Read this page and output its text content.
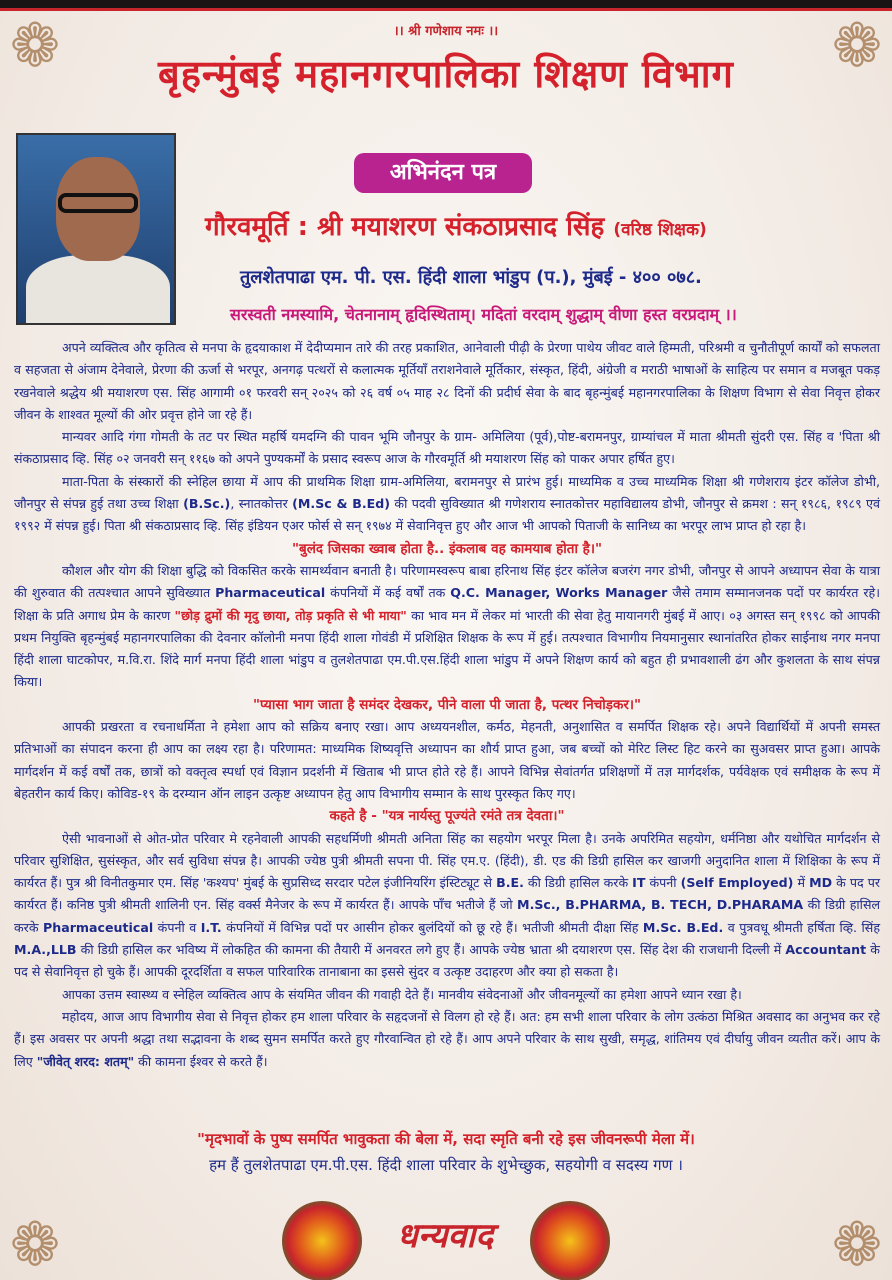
❁	❁
❁	❁
।। श्री गणेशाय नमः ।।
बृहन्मुंबई महानगरपालिका शिक्षण विभाग
अभिनंदन पत्र
गौरवमूर्ति : श्री मयाशरण संकठाप्रसाद सिंह (वरिष्ठ शिक्षक)
तुलशेतपाढा एम. पी. एस. हिंदी शाला भांडुप (प.), मुंबई - ४०० ०७८.
सरस्वती नमस्यामि, चेतनानाम् हृदिस्थिताम्। मदितां वरदाम् शुद्धाम् वीणा हस्त वरप्रदाम् ।।

अपने व्यक्तित्व और कृतित्व से मनपा के हृदयाकाश में देदीप्यमान तारे की तरह प्रकाशित, आनेवाली पीढ़ी के प्रेरणा पाथेय जीवट वाले हिम्मती, परिश्रमी व चुनौतीपूर्ण कार्यों को सफलता व सहजता से अंजाम देनेवाले, प्रेरणा की ऊर्जा से भरपूर, अनगढ़ पत्थरों से कलात्मक मूर्तियाँ तराशनेवाले मूर्तिकार, संस्कृत, हिंदी, अंग्रेजी व मराठी भाषाओं के साहित्य पर समान व मजबूत पकड़ रखनेवाले श्रद्धेय श्री मयाशरण एस. सिंह आगामी ०१ फरवरी सन् २०२५ को २६ वर्ष ०५ माह २८ दिनों की प्रदीर्घ सेवा के बाद बृहन्मुंबई महानगरपालिका के शिक्षण विभाग से सेवा निवृत्त होकर जीवन के शाश्वत मूल्यों की ओर प्रवृत्त होने जा रहे हैं।

मान्यवर आदि गंगा गोमती के तट पर स्थित महर्षि यमदग्नि की पावन भूमि जौनपुर के ग्राम- अमिलिया (पूर्व),पोष्ट-बरामनपुर, ग्राम्यांचल में माता श्रीमती सुंदरी एस. सिंह व 'पिता श्री संकठाप्रसाद व्हि. सिंह ०२ जनवरी सन् ११६७ को अपने पुण्यकर्मों के प्रसाद स्वरूप आज के गौरवमूर्ति श्री मयाशरण सिंह को पाकर अपार हर्षित हुए।

माता-पिता के संस्कारों की स्नेहिल छाया में आप की प्राथमिक शिक्षा ग्राम-अमिलिया, बरामनपुर से प्रारंभ हुई। माध्यमिक व उच्च माध्यमिक शिक्षा श्री गणेशराय इंटर कॉलेज डोभी, जौनपुर से संपन्न हुई तथा उच्च शिक्षा (B.Sc.), स्नातकोत्तर (M.Sc & B.Ed) की पदवी सुविख्यात श्री गणेशराय स्नातकोत्तर महाविद्यालय डोभी, जौनपुर से क्रमश : सन् १९८६, १९८९ एवं १९९२ में संपन्न हुई। पिता श्री संकठाप्रसाद व्हि. सिंह इंडियन एअर फोर्स से सन् १९७४ में सेवानिवृत्त हुए और आज भी आपको पिताजी के सानिध्य का भरपूर लाभ प्राप्त हो रहा है।

"बुलंद जिसका ख्वाब होता है.. इंकलाब वह कामयाब होता है।"

कौशल और योग की शिक्षा बुद्धि को विकसित करके सामर्थ्यवान बनाती है। परिणामस्वरूप बाबा हरिनाथ सिंह इंटर कॉलेज बजरंग नगर डोभी, जौनपुर से आपने अध्यापन सेवा के यात्रा की शुरुवात की तत्पश्चात आपने सुविख्यात Pharmaceutical कंपनियों में कई वर्षों तक Q.C. Manager, Works Manager जैसे तमाम सम्मानजनक पदों पर कार्यरत रहे। शिक्षा के प्रति अगाध प्रेम के कारण "छोड़ द्रुमों की मृदु छाया, तोड़ प्रकृति से भी माया" का भाव मन में लेकर मां भारती की सेवा हेतु मायानगरी मुंबई में आए। ०३ अगस्त सन् १९९८ को आपकी प्रथम नियुक्ति बृहन्मुंबई महानगरपालिका की देवनार कॉलोनी मनपा हिंदी शाला गोवंडी में प्रशिक्षित शिक्षक के रूप में हुई। तत्पश्चात विभागीय नियमानुसार स्थानांतरित होकर साईनाथ नगर मनपा हिंदी शाला घाटकोपर, म.वि.रा. शिंदे मार्ग मनपा हिंदी शाला भांडुप व तुलशेतपाढा एम.पी.एस.हिंदी शाला भांडुप में अपने शिक्षण कार्य को बहुत ही प्रभावशाली ढंग और कुशलता के साथ संपन्न किया।

"प्यासा भाग जाता है समंदर देखकर, पीने वाला पी जाता है, पत्थर निचोड़कर।"

आपकी प्रखरता व रचनाधर्मिता ने हमेशा आप को सक्रिय बनाए रखा। आप अध्ययनशील, कर्मठ, मेहनती, अनुशासित व समर्पित शिक्षक रहे। अपने विद्यार्थियों में अपनी समस्त प्रतिभाओं का संपादन करना ही आप का लक्ष्य रहा है। परिणामत: माध्यमिक शिष्यवृत्ति अध्यापन का शौर्य प्राप्त हुआ, जब बच्चों को मेरिट लिस्ट हिट करने का सुअवसर प्राप्त हुआ। आपके मार्गदर्शन में कई वर्षों तक, छात्रों को वक्तृत्व स्पर्धा एवं विज्ञान प्रदर्शनी में खिताब भी प्राप्त होते रहे हैं। आपने विभिन्न सेवांतर्गत प्रशिक्षणों में तज्ञ मार्गदर्शक, पर्यवेक्षक एवं समीक्षक के रूप में बेहतरीन कार्य किए। कोविड-१९ के दरम्यान ऑन लाइन उत्कृष्ट अध्यापन हेतु आप विभागीय सम्मान के साथ पुरस्कृत किए गए।

कहते है - "यत्र नार्यस्तु पूज्यंते रमंते तत्र देवता।"

ऐसी भावनाओं से ओत-प्रोत परिवार मे रहनेवाली आपकी सहधर्मिणी श्रीमती अनिता सिंह का सहयोग भरपूर मिला है। उनके अपरिमित सहयोग, धर्मनिष्ठा और यथोचित मार्गदर्शन से परिवार सुशिक्षित, सुसंस्कृत, और सर्व सुविधा संपन्न है। आपकी ज्येष्ठ पुत्री श्रीमती सपना पी. सिंह एम.ए. (हिंदी), डी. एड की डिग्री हासिल कर खाजगी अनुदानित शाला में शिक्षिका के रूप में कार्यरत हैं। पुत्र श्री विनीतकुमार एम. सिंह 'कश्यप' मुंबई के सुप्रसिध्द सरदार पटेल इंजीनियरिंग इंस्टिट्यूट से B.E. की डिग्री हासिल करके IT कंपनी (Self Employed) में MD के पद पर कार्यरत हैं। कनिष्ठ पुत्री श्रीमती शालिनी एन. सिंह वर्क्स मैनेजर के रूप में कार्यरत हैं। आपके पाँच भतीजे हैं जो M.Sc., B.PHARMA, B. TECH, D.PHARAMA की डिग्री हासिल करके Pharmaceutical कंपनी व I.T. कंपनियों में विभिन्न पदों पर आसीन होकर बुलंदियों को छू रहे हैं। भतीजी श्रीमती दीक्षा सिंह M.Sc. B.Ed. व पुत्रवधू श्रीमती हर्षिता व्हि. सिंह M.A.,LLB की डिग्री हासिल कर भविष्य में लोकहित की कामना की तैयारी में अनवरत लगे हुए हैं। आपके ज्येष्ठ भ्राता श्री दयाशरण एस. सिंह देश की राजधानी दिल्ली में Accountant के पद से सेवानिवृत्त हो चुके हैं। आपकी दूरदर्शिता व सफल पारिवारिक तानाबाना का इससे सुंदर व उत्कृष्ट उदाहरण और क्या हो सकता है।

आपका उत्तम स्वास्थ्य व स्नेहिल व्यक्तित्व आप के संयमित जीवन की गवाही देते हैं। मानवीय संवेदनाओं और जीवनमूल्यों का हमेशा आपने ध्यान रखा है।

महोदय, आज आप विभागीय सेवा से निवृत्त होकर हम शाला परिवार के सहृदजनों से विलग हो रहे हैं। अत: हम सभी शाला परिवार के लोग उत्कंठा मिश्रित अवसाद का अनुभव कर रहे हैं। इस अवसर पर अपनी श्रद्धा तथा सद्भावना के शब्द सुमन समर्पित करते हुए गौरवान्वित हो रहे हैं। आप अपने परिवार के साथ सुखी, समृद्ध, शांतिमय एवं दीर्घायु जीवन व्यतीत करें। आप के लिए "जीवेत् शरद: शतम्" की कामना ईश्वर से करते हैं।

"मृदभावों के पुष्प समर्पित भावुकता की बेला में, सदा स्मृति बनी रहे इस जीवनरूपी मेला में।
हम हैं तुलशेतपाढा एम.पी.एस. हिंदी शाला परिवार के शुभेच्छुक, सहयोगी व सदस्य गण ।
धन्यवाद
